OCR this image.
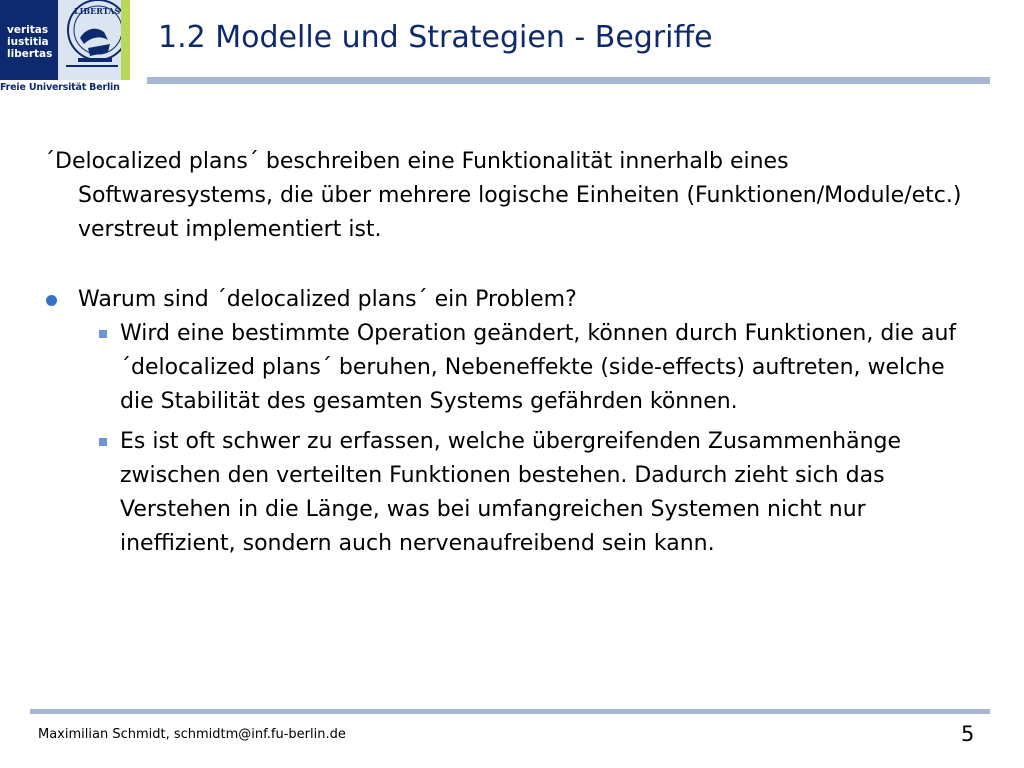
veritas
iustitia
libertas
LIBERTAS
Freie Universität Berlin
1.2 Modelle und Strategien - Begriffe

´Delocalized plans´ beschreiben eine Funktionalität innerhalb eines Softwaresystems, die über mehrere logische Einheiten (Funktionen/Module/etc.) verstreut implementiert ist.

Warum sind ´delocalized plans´ ein Problem?
Wird eine bestimmte Operation geändert, können durch Funktionen, die auf ´delocalized plans´ beruhen, Nebeneffekte (side-effects) auftreten, welche die Stabilität des gesamten Systems gefährden können.
Es ist oft schwer zu erfassen, welche übergreifenden Zusammenhänge zwischen den verteilten Funktionen bestehen. Dadurch zieht sich das Verstehen in die Länge, was bei umfangreichen Systemen nicht nur ineffizient, sondern auch nervenaufreibend sein kann.
Maximilian Schmidt, schmidtm@inf.fu-berlin.de	5
